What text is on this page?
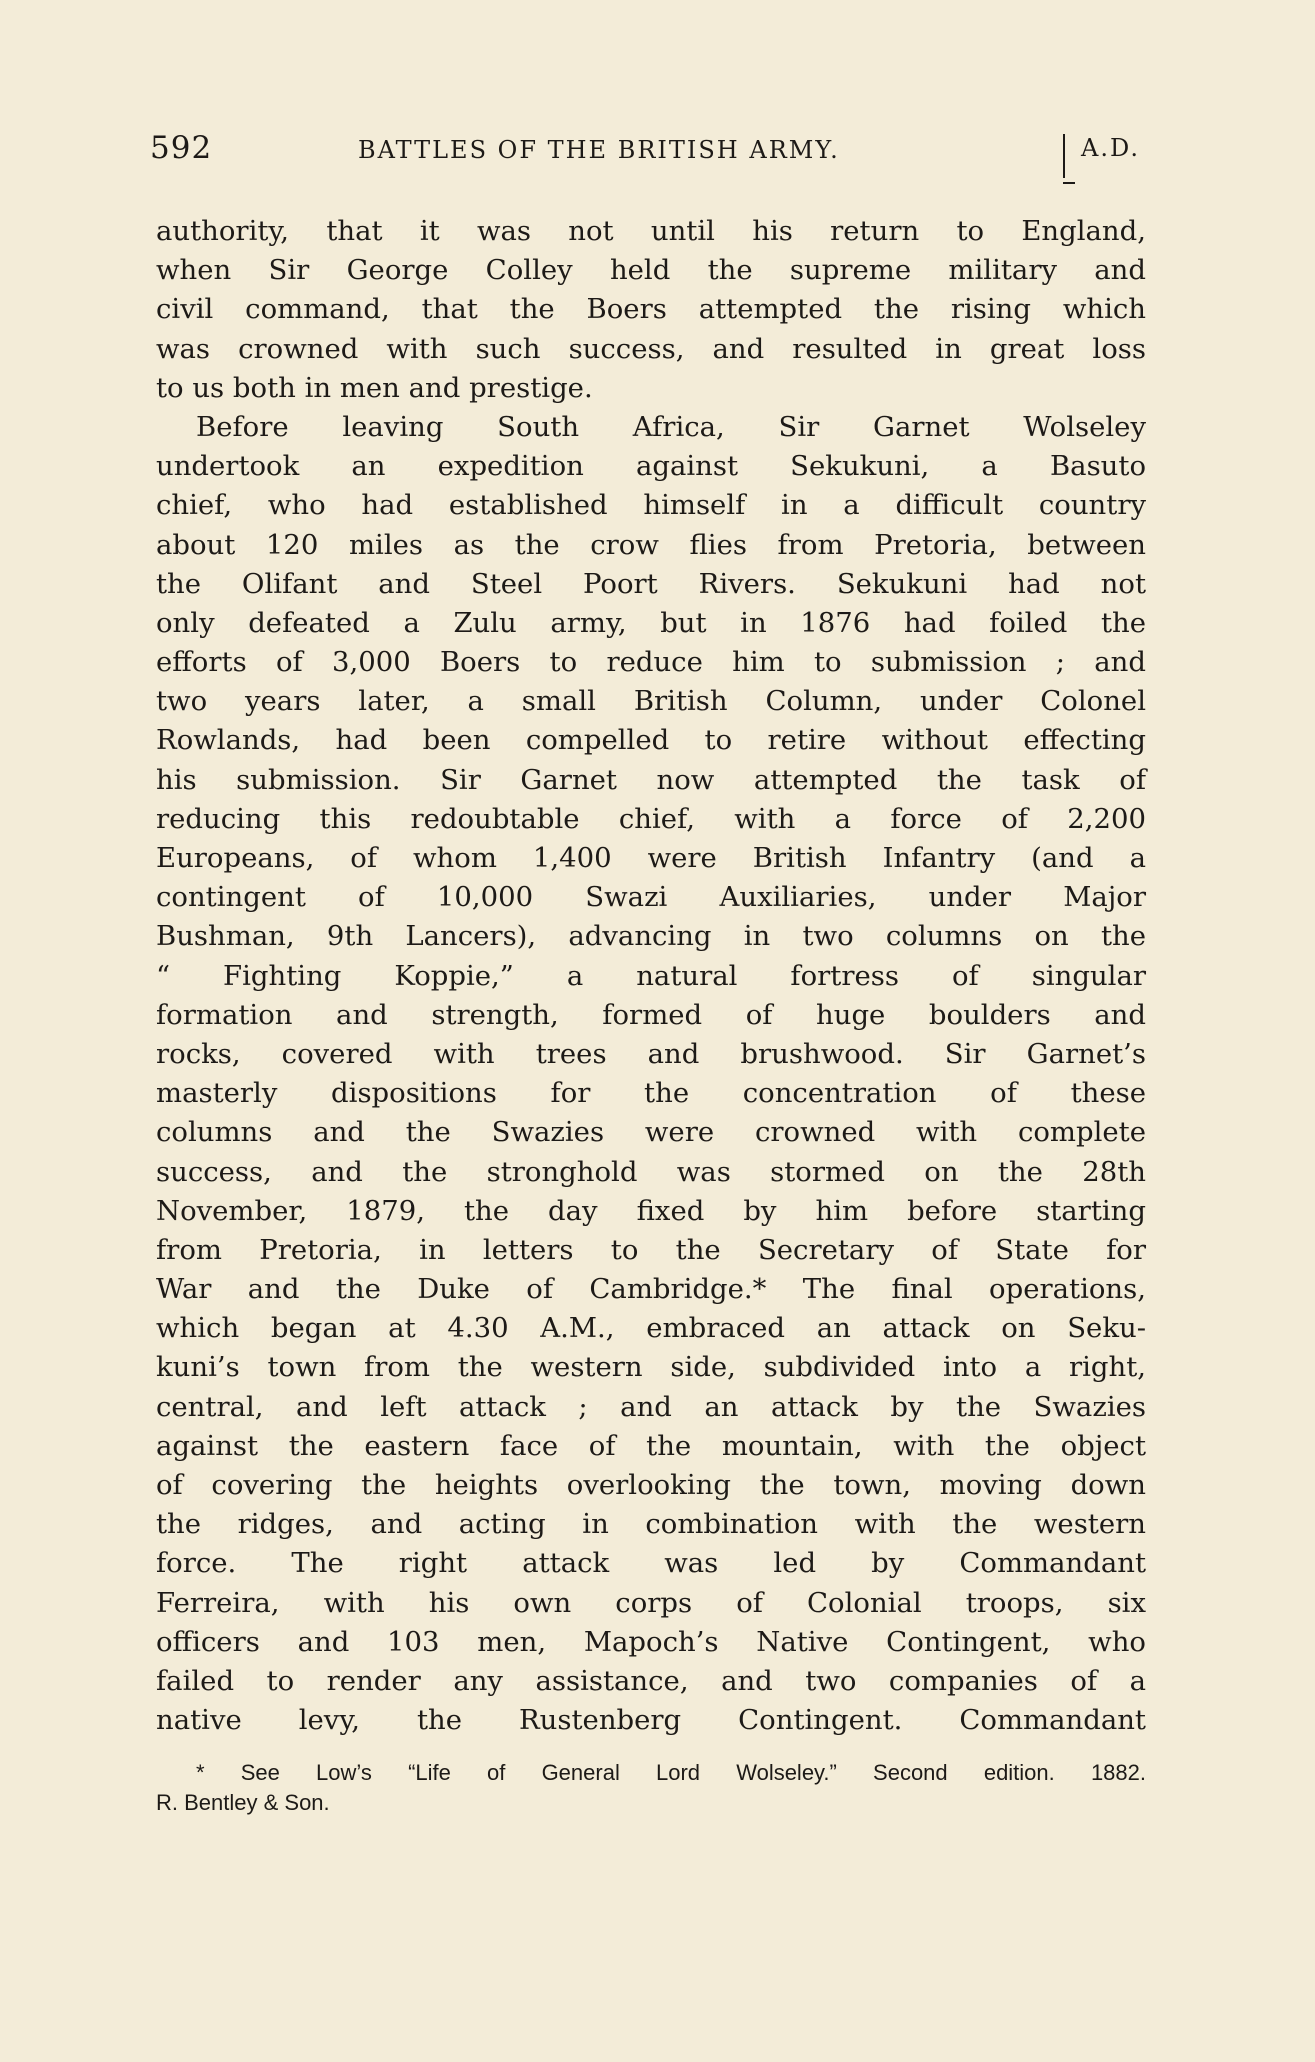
592	BATTLES OF THE BRITISH ARMY.	A.D.
authority, that it was not until his return to England,
when Sir George Colley held the supreme military and
civil command, that the Boers attempted the rising which
was crowned with such success, and resulted in great loss
to us both in men and prestige.
Before leaving South Africa, Sir Garnet Wolseley
undertook an expedition against Sekukuni, a Basuto
chief, who had established himself in a difficult country
about 120 miles as the crow flies from Pretoria, between
the Olifant and Steel Poort Rivers. Sekukuni had not
only defeated a Zulu army, but in 1876 had foiled the
efforts of 3,000 Boers to reduce him to submission ; and
two years later, a small British Column, under Colonel
Rowlands, had been compelled to retire without effecting
his submission. Sir Garnet now attempted the task of
reducing this redoubtable chief, with a force of 2,200
Europeans, of whom 1,400 were British Infantry (and a
contingent of 10,000 Swazi Auxiliaries, under Major
Bushman, 9th Lancers), advancing in two columns on the
“ Fighting Koppie,” a natural fortress of singular
formation and strength, formed of huge boulders and
rocks, covered with trees and brushwood. Sir Garnet’s
masterly dispositions for the concentration of these
columns and the Swazies were crowned with complete
success, and the stronghold was stormed on the 28th
November, 1879, the day fixed by him before starting
from Pretoria, in letters to the Secretary of State for
War and the Duke of Cambridge.* The final operations,
which began at 4.30 A.M., embraced an attack on Seku-
kuni’s town from the western side, subdivided into a right,
central, and left attack ; and an attack by the Swazies
against the eastern face of the mountain, with the object
of covering the heights overlooking the town, moving down
the ridges, and acting in combination with the western
force. The right attack was led by Commandant
Ferreira, with his own corps of Colonial troops, six
officers and 103 men, Mapoch’s Native Contingent, who
failed to render any assistance, and two companies of a
native levy, the Rustenberg Contingent. Commandant
* See Low’s “Life of General Lord Wolseley.” Second edition. 1882.
R. Bentley & Son.
